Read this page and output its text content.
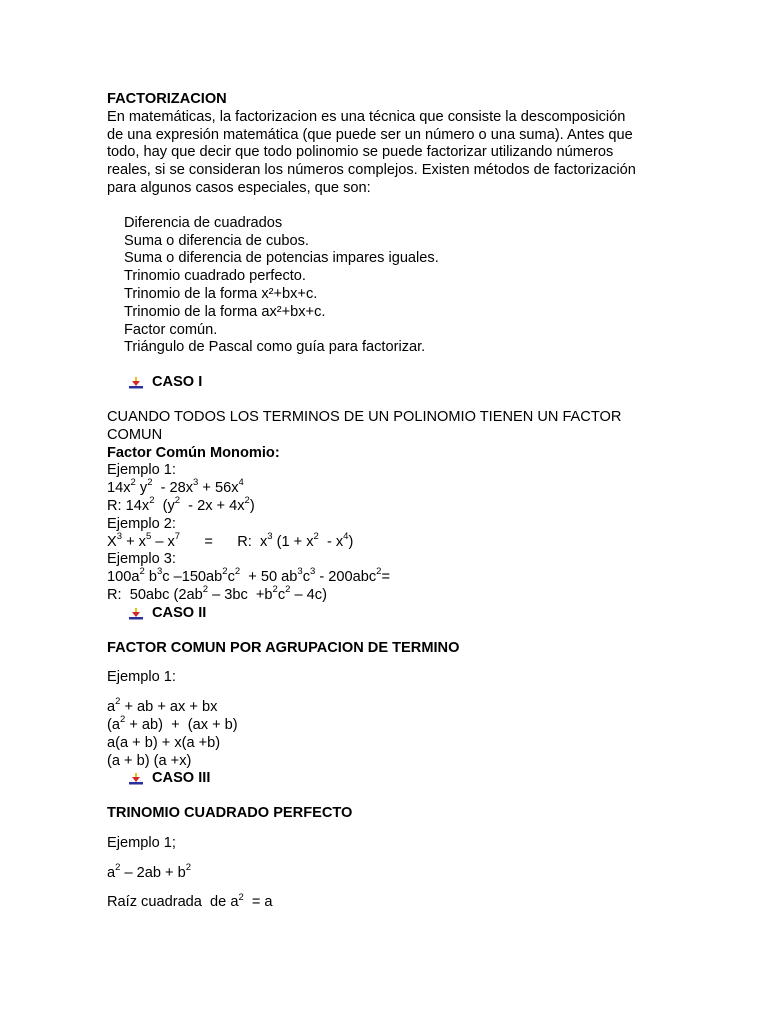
FACTORIZACION
En matemáticas, la factorizacion es una técnica que consiste la descomposición
de una expresión matemática (que puede ser un número o una suma). Antes que
todo, hay que decir que todo polinomio se puede factorizar utilizando números
reales, si se consideran los números complejos. Existen métodos de factorización
para algunos casos especiales, que son:
Diferencia de cuadrados
Suma o diferencia de cubos.
Suma o diferencia de potencias impares iguales.
Trinomio cuadrado perfecto.
Trinomio de la forma x²+bx+c.
Trinomio de la forma ax²+bx+c.
Factor común.
Triángulo de Pascal como guía para factorizar.
CASO I
CUANDO TODOS LOS TERMINOS DE UN POLINOMIO TIENEN UN FACTOR
COMUN
Factor Común Monomio:
Ejemplo 1:
$14x^2$ $y^2 - 28x^3 + 56x^4$
R: $14x^2$  $(y^2 - 2x + 4x^2)$
Ejemplo 2:
$X^3 + x^5 - x^7$      =      R:  $x^3$ $(1 + x^2 - x^4)$
Ejemplo 3:
$100a^2$ $b^3c$ $-150ab^2c^2 + 50$ $ab^3c^3 - 200abc^2=$
R:  50abc $(2ab^2 - 3bc +b^2c^2 - 4c)$
CASO II
FACTOR COMUN POR AGRUPACION DE TERMINO
Ejemplo 1:
$a^2$ + ab + ax + bx
$(a^2 + ab) + (ax + b)$
a(a + b) + x(a +b)
(a + b) (a +x)
CASO III
TRINOMIO CUADRADO PERFECTO
Ejemplo 1;
$a^2 - 2ab + b^2$
Raíz cuadrada  de $a^2 = a$
